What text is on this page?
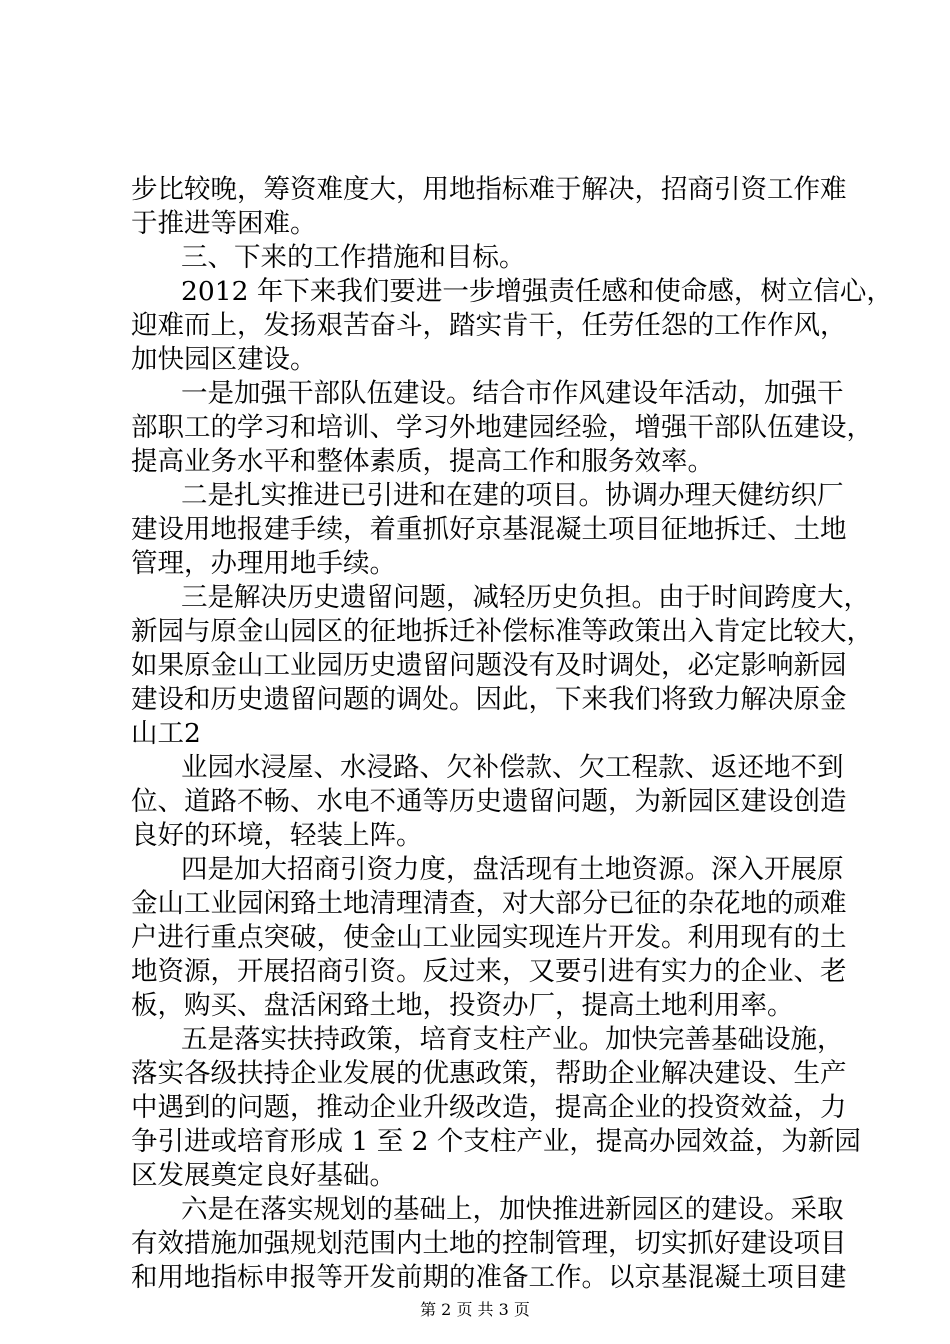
步比较晚，筹资难度大，用地指标难于解决，招商引资工作难
于推进等困难。
三、下来的工作措施和目标。
2012 年下来我们要进一步增强责任感和使命感，树立信心，
迎难而上，发扬艰苦奋斗，踏实肯干，任劳任怨的工作作风，
加快园区建设。
一是加强干部队伍建设。结合市作风建设年活动，加强干
部职工的学习和培训、学习外地建园经验，增强干部队伍建设，
提高业务水平和整体素质，提高工作和服务效率。
二是扎实推进已引进和在建的项目。协调办理天健纺织厂
建设用地报建手续，着重抓好京基混凝土项目征地拆迁、土地
管理，办理用地手续。
三是解决历史遗留问题，减轻历史负担。由于时间跨度大，
新园与原金山园区的征地拆迁补偿标准等政策出入肯定比较大，
如果原金山工业园历史遗留问题没有及时调处，必定影响新园
建设和历史遗留问题的调处。因此，下来我们将致力解决原金
山工2
业园水浸屋、水浸路、欠补偿款、欠工程款、返还地不到
位、道路不畅、水电不通等历史遗留问题，为新园区建设创造
良好的环境，轻装上阵。
四是加大招商引资力度，盘活现有土地资源。深入开展原
金山工业园闲臵土地清理清查，对大部分已征的杂花地的顽难
户进行重点突破，使金山工业园实现连片开发。利用现有的土
地资源，开展招商引资。反过来，又要引进有实力的企业、老
板，购买、盘活闲臵土地，投资办厂，提高土地利用率。
五是落实扶持政策，培育支柱产业。加快完善基础设施，
落实各级扶持企业发展的优惠政策，帮助企业解决建设、生产
中遇到的问题，推动企业升级改造，提高企业的投资效益，力
争引进或培育形成 1 至 2 个支柱产业，提高办园效益，为新园
区发展奠定良好基础。
六是在落实规划的基础上，加快推进新园区的建设。采取
有效措施加强规划范围内土地的控制管理，切实抓好建设项目
和用地指标申报等开发前期的准备工作。以京基混凝土项目建
第 2 页 共 3 页
